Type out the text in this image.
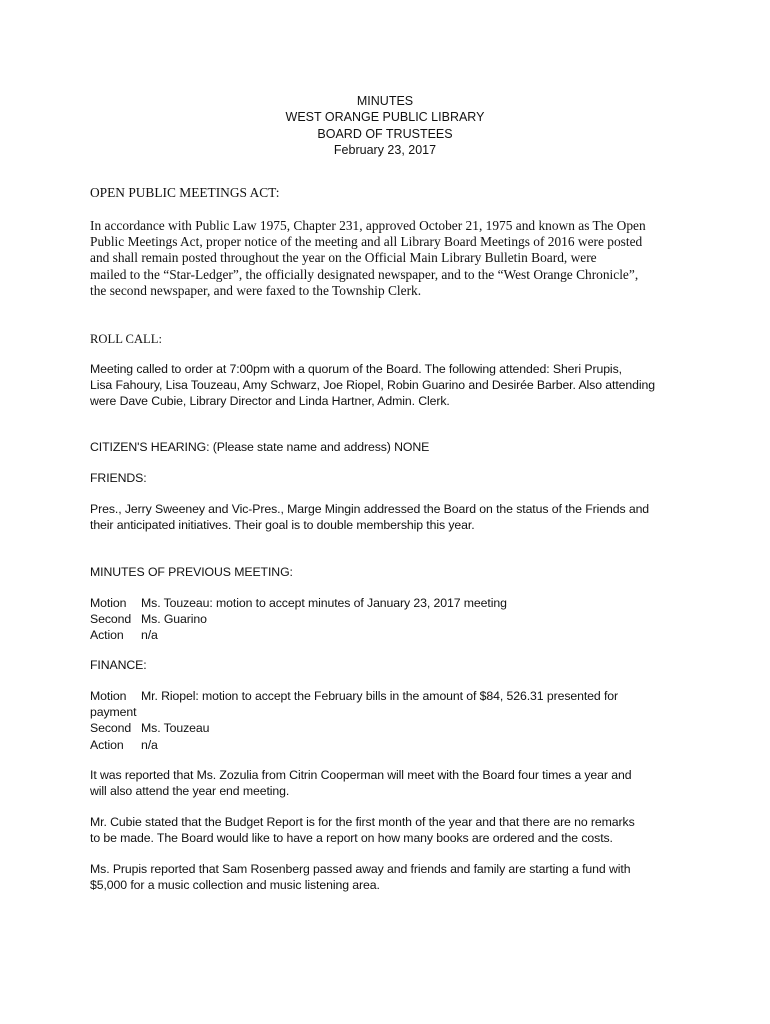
MINUTES
WEST ORANGE PUBLIC LIBRARY
BOARD OF TRUSTEES
February 23, 2017
OPEN PUBLIC MEETINGS ACT:
In accordance with Public Law 1975, Chapter 231, approved October 21, 1975 and known as The Open
Public Meetings Act, proper notice of the meeting and all Library Board Meetings of 2016 were posted
and shall remain posted throughout the year on the Official Main Library Bulletin Board, were
mailed to the “Star-Ledger”, the officially designated newspaper, and to the “West Orange Chronicle”,
the second newspaper, and were faxed to the Township Clerk.
ROLL CALL:
Meeting called to order at 7:00pm with a quorum of the Board. The following attended: Sheri Prupis,
Lisa Fahoury, Lisa Touzeau, Amy Schwarz, Joe Riopel, Robin Guarino and Desirée Barber. Also attending
were Dave Cubie, Library Director and Linda Hartner, Admin. Clerk.
CITIZEN'S HEARING: (Please state name and address) NONE
FRIENDS:
Pres., Jerry Sweeney and Vic-Pres., Marge Mingin addressed the Board on the status of the Friends and
their anticipated initiatives. Their goal is to double membership this year.
MINUTES OF PREVIOUS MEETING:
Motion Ms. Touzeau: motion to accept minutes of January 23, 2017 meeting
Second Ms. Guarino
Action n/a
FINANCE:
Motion Mr. Riopel: motion to accept the February bills in the amount of $84, 526.31 presented for
payment
Second Ms. Touzeau
Action n/a
It was reported that Ms. Zozulia from Citrin Cooperman will meet with the Board four times a year and
will also attend the year end meeting.
Mr. Cubie stated that the Budget Report is for the first month of the year and that there are no remarks
to be made. The Board would like to have a report on how many books are ordered and the costs.
Ms. Prupis reported that Sam Rosenberg passed away and friends and family are starting a fund with
$5,000 for a music collection and music listening area.
